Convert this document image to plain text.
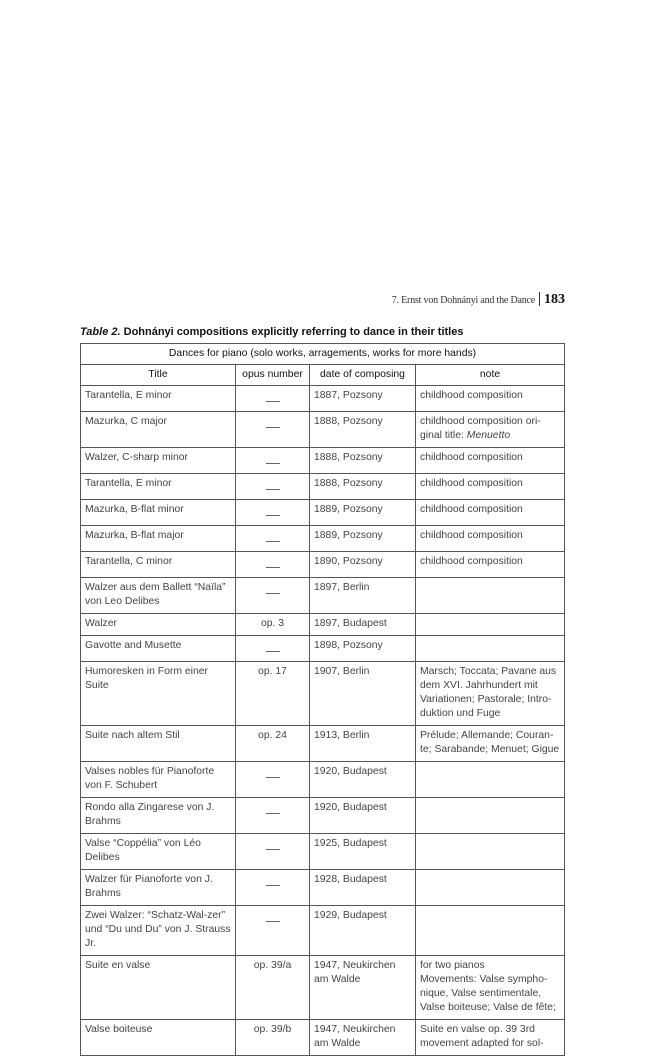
7. Ernst von Dohnányi and the Dance 183
Table 2. Dohnányi compositions explicitly referring to dance in their titles
Dances for piano (solo works, arragements, works for more hands)			
Title	opus number	date of composing	note
Tarantella, E minor		1887, Pozsony	childhood composition
Mazurka, C major		1888, Pozsony	childhood composition ori-ginal title: Menuetto
Walzer, C-sharp minor		1888, Pozsony	childhood composition
Tarantella, E minor		1888, Pozsony	childhood composition
Mazurka, B-flat minor		1889, Pozsony	childhood composition
Mazurka, B-flat major		1889, Pozsony	childhood composition
Tarantella, C minor		1890, Pozsony	childhood composition
Walzer aus dem Ballett “Naïla” von Leo Delibes		1897, Berlin	
Walzer	op. 3	1897, Budapest	
Gavotte and Musette		1898, Pozsony	
Humoresken in Form einer Suite	op. 17	1907, Berlin	Marsch; Toccata; Pavane aus dem XVI. Jahrhundert mit Variationen; Pastorale; Intro-duktion und Fuge
Suite nach altem Stil	op. 24	1913, Berlin	Prélude; Allemande; Couran-te; Sarabande; Menuet; Gigue
Valses nobles für Pianoforte von F. Schubert		1920, Budapest	
Rondo alla Zingarese von J. Brahms		1920, Budapest	
Valse “Coppélia” von Léo Delibes		1925, Budapest	
Walzer für Pianoforte von J. Brahms		1928, Budapest	
Zwei Walzer: “Schatz-Wal-zer” und “Du und Du” von J. Strauss Jr.		1929, Budapest	
Suite en valse	op. 39/a	1947, Neukirchen am Walde	for two pianos
Movements: Valse sympho-nique, Valse sentimentale, Valse boiteuse; Valse de fête;

Valse boiteuse	op. 39/b	1947, Neukirchen am Walde	Suite en valse op. 39 3rd movement adapted for sol-
